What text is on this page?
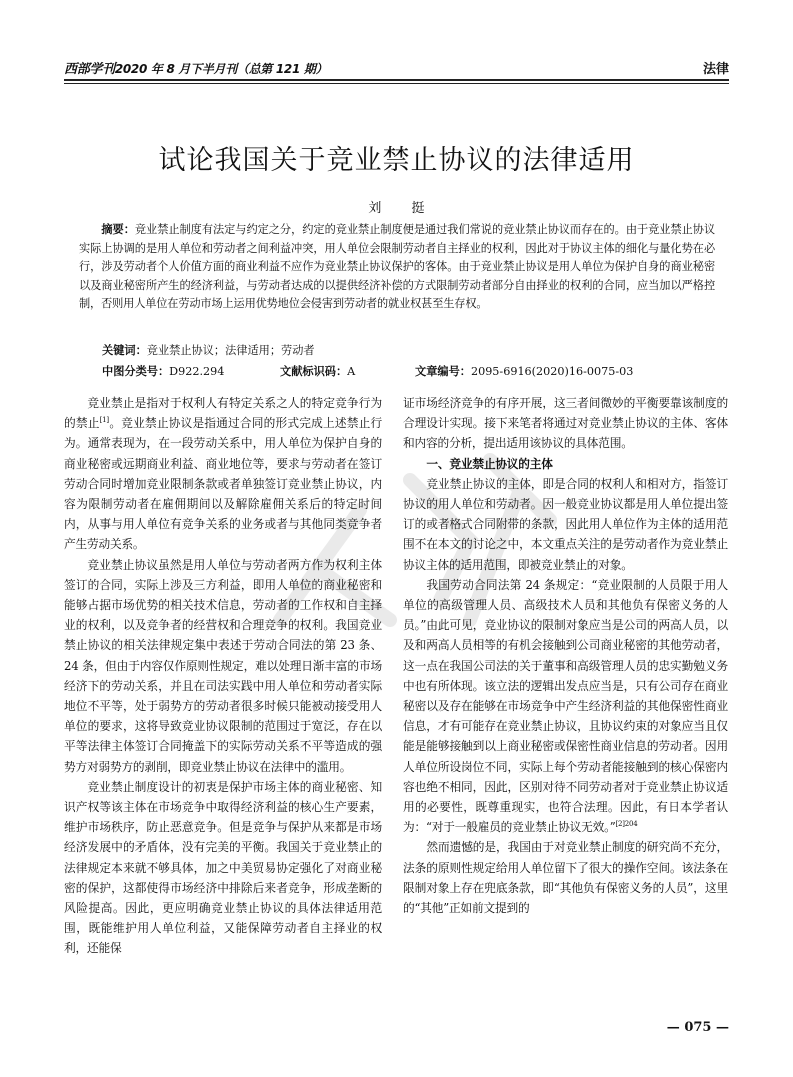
西部学刊2020 年 8 月下半月刊（总第 121 期）	法律
试论我国关于竞业禁止协议的法律适用
刘 挺

摘要：竞业禁止制度有法定与约定之分，约定的竞业禁止制度便是通过我们常说的竞业禁止协议而存在的。由于竞业禁止协议实际上协调的是用人单位和劳动者之间利益冲突，用人单位会限制劳动者自主择业的权利，因此对于协议主体的细化与量化势在必行，涉及劳动者个人价值方面的商业利益不应作为竞业禁止协议保护的客体。由于竞业禁止协议是用人单位为保护自身的商业秘密以及商业秘密所产生的经济利益，与劳动者达成的以提供经济补偿的方式限制劳动者部分自由择业的权利的合同，应当加以严格控制，否则用人单位在劳动市场上运用优势地位会侵害到劳动者的就业权甚至生存权。

关键词：竞业禁止协议；法律适用；劳动者
中图分类号：D922.294	文献标识码：A	文章编号：2095-6916(2020)16-0075-03

竞业禁止是指对于权利人有特定关系之人的特定竞争行为的禁止[1]。竞业禁止协议是指通过合同的形式完成上述禁止行为。通常表现为，在一段劳动关系中，用人单位为保护自身的商业秘密或远期商业利益、商业地位等，要求与劳动者在签订劳动合同时增加竞业限制条款或者单独签订竞业禁止协议，内容为限制劳动者在雇佣期间以及解除雇佣关系后的特定时间内，从事与用人单位有竞争关系的业务或者与其他同类竞争者产生劳动关系。

竞业禁止协议虽然是用人单位与劳动者两方作为权利主体签订的合同，实际上涉及三方利益，即用人单位的商业秘密和能够占据市场优势的相关技术信息，劳动者的工作权和自主择业的权利，以及竞争者的经营权和合理竞争的权利。我国竞业禁止协议的相关法律规定集中表述于劳动合同法的第 23 条、24 条，但由于内容仅作原则性规定，难以处理日渐丰富的市场经济下的劳动关系，并且在司法实践中用人单位和劳动者实际地位不平等，处于弱势方的劳动者很多时候只能被动接受用人单位的要求，这将导致竞业协议限制的范围过于宽泛，存在以平等法律主体签订合同掩盖下的实际劳动关系不平等造成的强势方对弱势方的剥削，即竞业禁止协议在法律中的滥用。

竞业禁止制度设计的初衷是保护市场主体的商业秘密、知识产权等该主体在市场竞争中取得经济利益的核心生产要素，维护市场秩序，防止恶意竞争。但是竞争与保护从来都是市场经济发展中的矛盾体，没有完美的平衡。我国关于竞业禁止的法律规定本来就不够具体，加之中美贸易协定强化了对商业秘密的保护，这都使得市场经济中排除后来者竞争，形成垄断的风险提高。因此，更应明确竞业禁止协议的具体法律适用范围，既能维护用人单位利益，又能保障劳动者自主择业的权利，还能保

证市场经济竞争的有序开展，这三者间微妙的平衡要靠该制度的合理设计实现。接下来笔者将通过对竞业禁止协议的主体、客体和内容的分析，提出适用该协议的具体范围。

一、竞业禁止协议的主体

竞业禁止协议的主体，即是合同的权利人和相对方，指签订协议的用人单位和劳动者。因一般竞业协议都是用人单位提出签订的或者格式合同附带的条款，因此用人单位作为主体的适用范围不在本文的讨论之中，本文重点关注的是劳动者作为竞业禁止协议主体的适用范围，即被竞业禁止的对象。

我国劳动合同法第 24 条规定：“竞业限制的人员限于用人单位的高级管理人员、高级技术人员和其他负有保密义务的人员。”由此可见，竞业协议的限制对象应当是公司的两高人员，以及和两高人员相等的有机会接触到公司商业秘密的其他劳动者，这一点在我国公司法的关于董事和高级管理人员的忠实勤勉义务中也有所体现。该立法的逻辑出发点应当是，只有公司存在商业秘密以及存在能够在市场竞争中产生经济利益的其他保密性商业信息，才有可能存在竞业禁止协议，且协议约束的对象应当且仅能是能够接触到以上商业秘密或保密性商业信息的劳动者。因用人单位所设岗位不同，实际上每个劳动者能接触到的核心保密内容也绝不相同，因此，区别对待不同劳动者对于竞业禁止协议适用的必要性，既尊重现实，也符合法理。因此，有日本学者认为：“对于一般雇员的竞业禁止协议无效。”$^{[2]204}$

然而遗憾的是，我国由于对竞业禁止制度的研究尚不充分，法条的原则性规定给用人单位留下了很大的操作空间。该法条在限制对象上存在兜底条款，即“其他负有保密义务的人员”，这里的“其他”正如前文提到的

— 075 —
